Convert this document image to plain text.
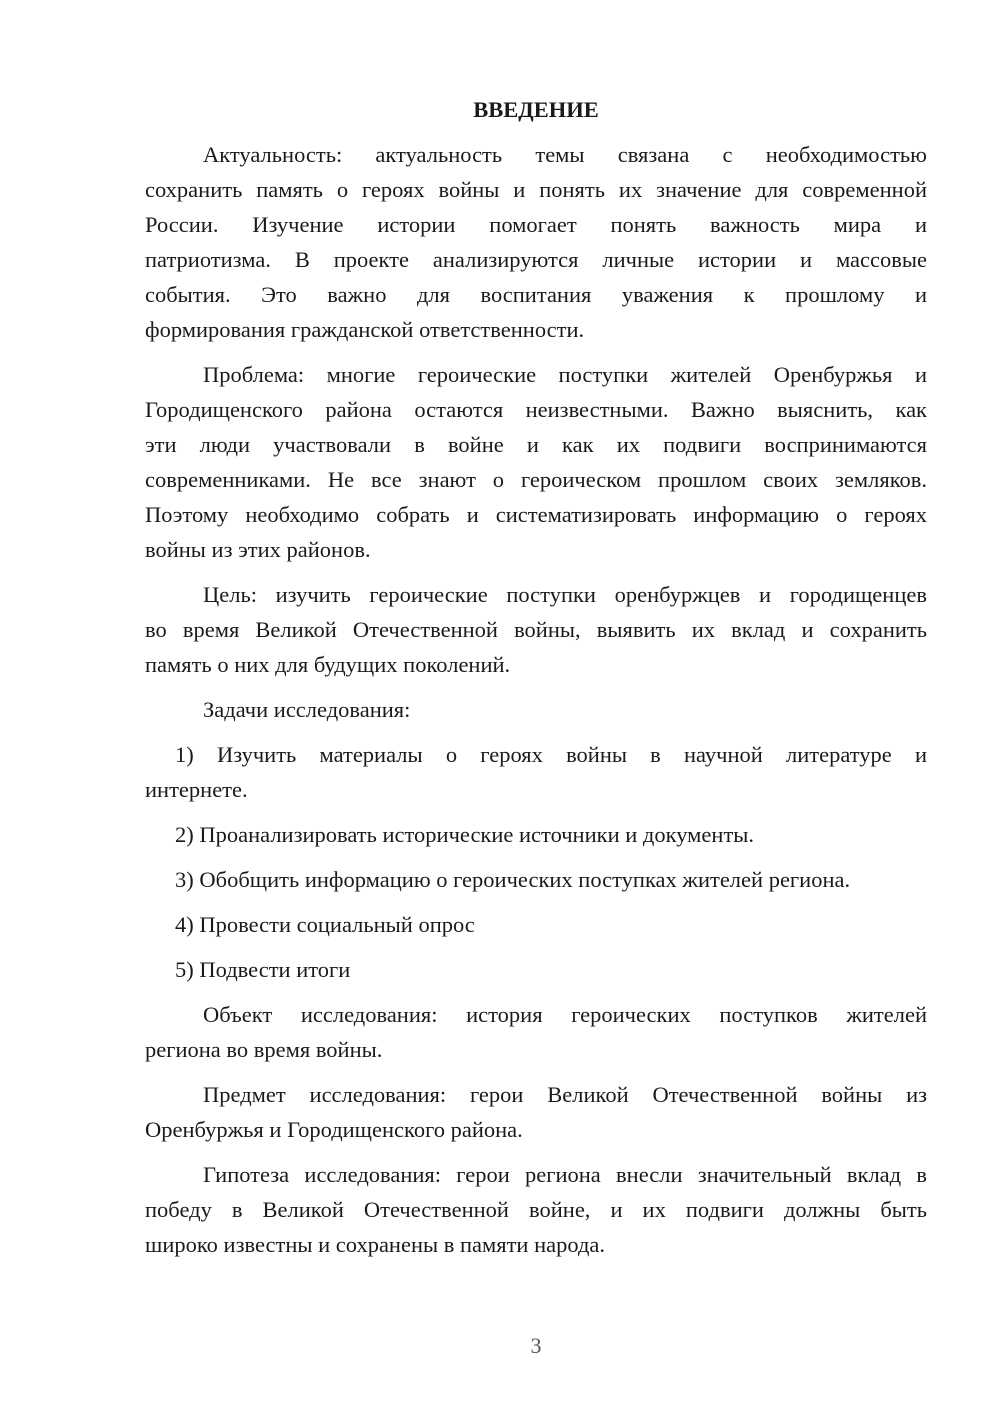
ВВЕДЕНИЕ
Актуальность: актуальность темы связана с необходимостью
сохранить память о героях войны и понять их значение для современной
России. Изучение истории помогает понять важность мира и
патриотизма. В проекте анализируются личные истории и массовые
события. Это важно для воспитания уважения к прошлому и
формирования гражданской ответственности.
Проблема: многие героические поступки жителей Оренбуржья и
Городищенского района остаются неизвестными. Важно выяснить, как
эти люди участвовали в войне и как их подвиги воспринимаются
современниками. Не все знают о героическом прошлом своих земляков.
Поэтому необходимо собрать и систематизировать информацию о героях
войны из этих районов.
Цель: изучить героические поступки оренбуржцев и городищенцев
во время Великой Отечественной войны, выявить их вклад и сохранить
память о них для будущих поколений.
Задачи исследования:
1) Изучить материалы о героях войны в научной литературе и
интернете.
2) Проанализировать исторические источники и документы.
3) Обобщить информацию о героических поступках жителей региона.
4) Провести социальный опрос
5) Подвести итоги
Объект исследования: история героических поступков жителей
региона во время войны.
Предмет исследования: герои Великой Отечественной войны из
Оренбуржья и Городищенского района.
Гипотеза исследования: герои региона внесли значительный вклад в
победу в Великой Отечественной войне, и их подвиги должны быть
широко известны и сохранены в памяти народа.
3
